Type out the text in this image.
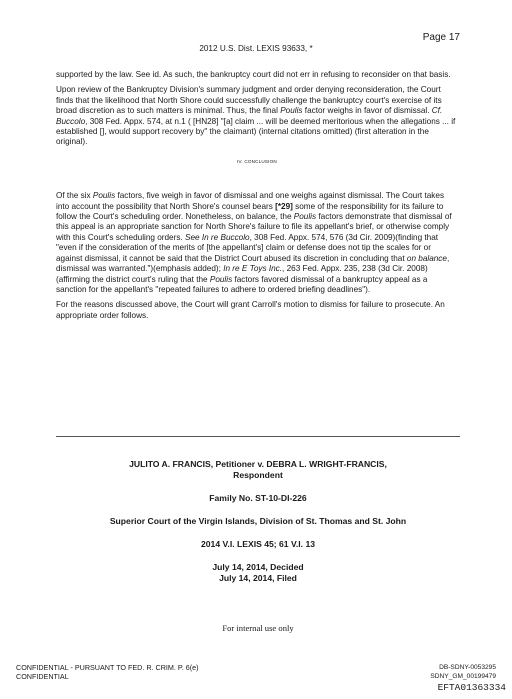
Page 17
2012 U.S. Dist. LEXIS 93633, *

supported by the law. See id. As such, the bankruptcy court did not err in refusing to reconsider on that basis.

Upon review of the Bankruptcy Division's summary judgment and order denying reconsideration, the Court finds that the likelihood that North Shore could successfully challenge the bankruptcy court's exercise of its broad discretion as to such matters is minimal. Thus, the final Poulis factor weighs in favor of dismissal. Cf. Buccolo, 308 Fed. Appx. 574, at n.1 ( [HN28] "[a] claim ... will be deemed meritorious when the allegations ... if established [], would support recovery by" the claimant) (internal citations omitted) (first alteration in the original).

IV. CONCLUSION

Of the six Poulis factors, five weigh in favor of dismissal and one weighs against dismissal. The Court takes into account the possibility that North Shore's counsel bears [*29] some of the responsibility for its failure to follow the Court's scheduling order. Nonetheless, on balance, the Poulis factors demonstrate that dismissal of this appeal is an appropriate sanction for North Shore's failure to file its appellant's brief, or otherwise comply with this Court's scheduling orders. See In re Buccolo, 308 Fed. Appx. 574, 576 (3d Cir. 2009)(finding that "even if the consideration of the merits of [the appellant's] claim or defense does not tip the scales for or against dismissal, it cannot be said that the District Court abused its discretion in concluding that on balance, dismissal was warranted.")(emphasis added); In re E Toys Inc., 263 Fed. Appx. 235, 238 (3d Cir. 2008) (affirming the district court's ruling that the Poulis factors favored dismissal of a bankruptcy appeal as a sanction for the appellant's "repeated failures to adhere to ordered briefing deadlines").

For the reasons discussed above, the Court will grant Carroll's motion to dismiss for failure to prosecute. An appropriate order follows.

JULITO A. FRANCIS, Petitioner v. DEBRA L. WRIGHT-FRANCIS, Respondent
Family No. ST-10-DI-226
Superior Court of the Virgin Islands, Division of St. Thomas and St. John
2014 V.I. LEXIS 45; 61 V.I. 13
July 14, 2014, Decided
July 14, 2014, Filed
For internal use only
CONFIDENTIAL - PURSUANT TO FED. R. CRIM. P. 6(e)
CONFIDENTIAL
DB-SDNY-0053295
SDNY_GM_00199479
EFTA01363334
